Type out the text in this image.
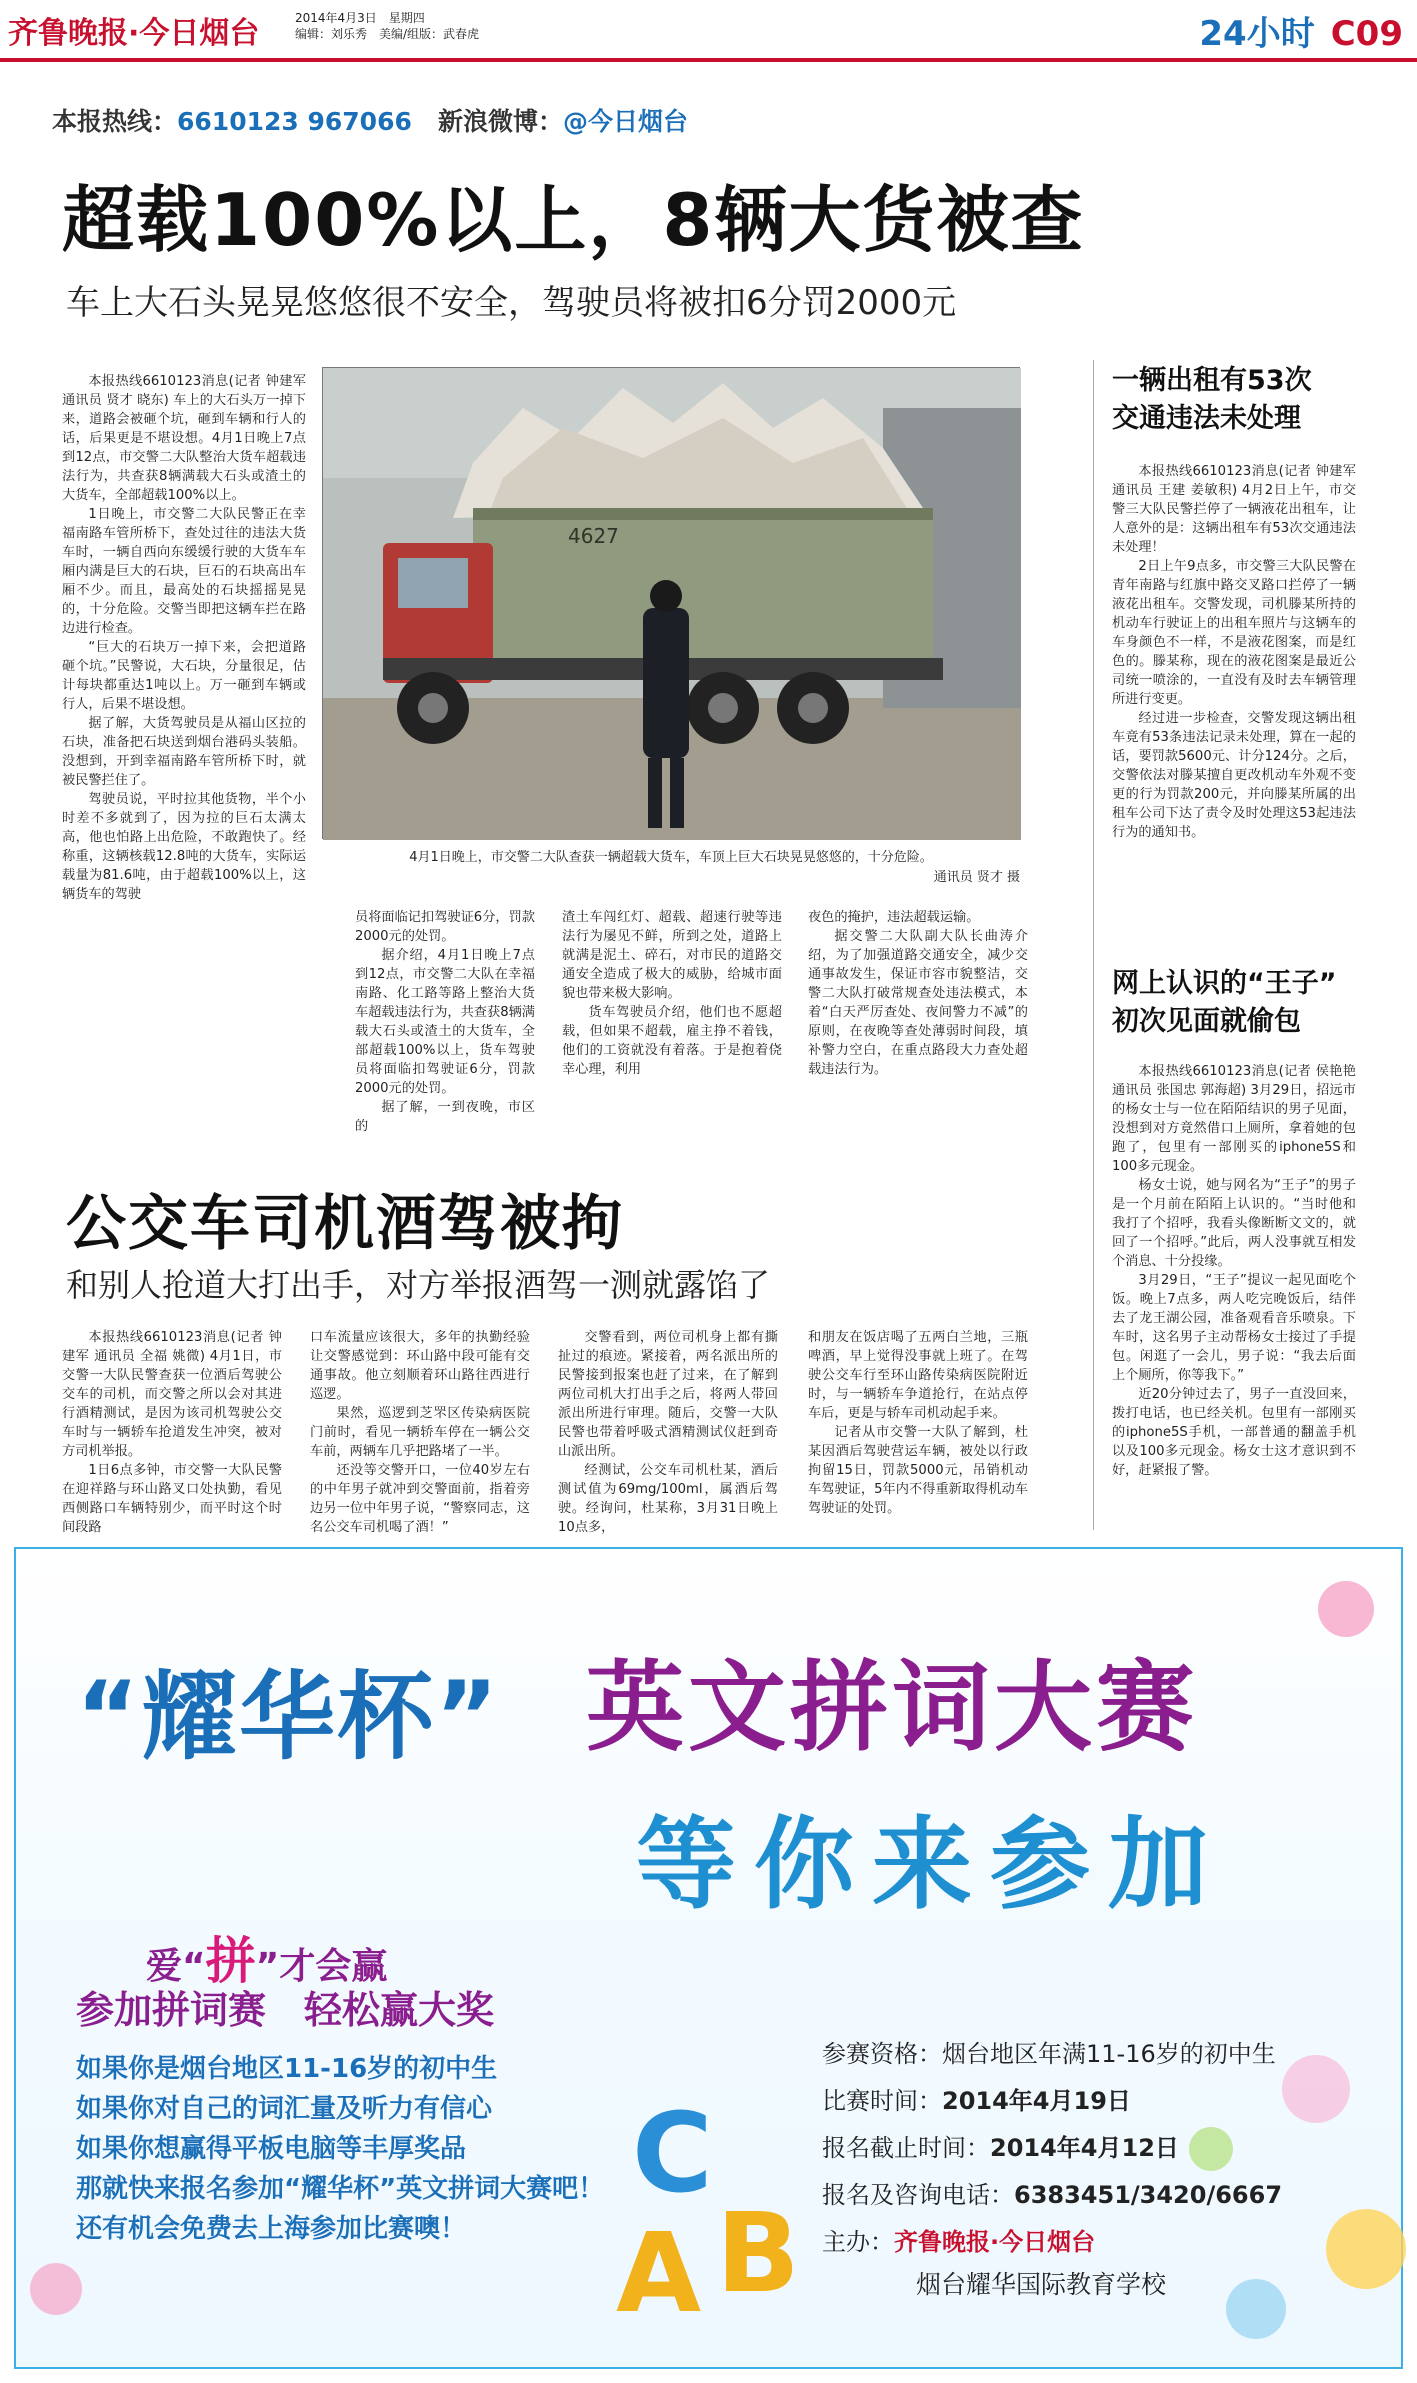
齐鲁晚报·今日烟台	2014年4月3日　星期四
编辑：刘乐秀　美编/组版：武春虎	24小时 C09
本报热线：6610123 967066 新浪微博：@今日烟台
超载100%以上，8辆大货被查
车上大石头晃晃悠悠很不安全，驾驶员将被扣6分罚2000元

本报热线6610123消息(记者 钟建军 通讯员 贤才 晓东) 车上的大石头万一掉下来，道路会被砸个坑，砸到车辆和行人的话，后果更是不堪设想。4月1日晚上7点到12点，市交警二大队整治大货车超载违法行为，共查获8辆满载大石头或渣土的大货车，全部超载100%以上。

1日晚上，市交警二大队民警正在幸福南路车管所桥下，查处过往的违法大货车时，一辆自西向东缓缓行驶的大货车车厢内满是巨大的石块，巨石的石块高出车厢不少。而且，最高处的石块摇摇晃晃的，十分危险。交警当即把这辆车拦在路边进行检查。

“巨大的石块万一掉下来，会把道路砸个坑。”民警说，大石块，分量很足，估计每块都重达1吨以上。万一砸到车辆或行人，后果不堪设想。

据了解，大货驾驶员是从福山区拉的石块，准备把石块送到烟台港码头装船。没想到，开到幸福南路车管所桥下时，就被民警拦住了。

驾驶员说，平时拉其他货物，半个小时差不多就到了，因为拉的巨石太满太高，他也怕路上出危险，不敢跑快了。经称重，这辆核载12.8吨的大货车，实际运载量为81.6吨，由于超载100%以上，这辆货车的驾驶

4627
4月1日晚上，市交警二大队查获一辆超载大货车，车顶上巨大石块晃晃悠悠的，十分危险。
通讯员 贤才 摄

员将面临记扣驾驶证6分，罚款2000元的处罚。

据介绍，4月1日晚上7点到12点，市交警二大队在幸福南路、化工路等路上整治大货车超载违法行为，共查获8辆满载大石头或渣土的大货车，全部超载100%以上，货车驾驶员将面临扣驾驶证6分，罚款2000元的处罚。

据了解，一到夜晚，市区的

渣土车闯红灯、超载、超速行驶等违法行为屡见不鲜，所到之处，道路上就满是泥土、碎石，对市民的道路交通安全造成了极大的威胁，给城市面貌也带来极大影响。

货车驾驶员介绍，他们也不愿超载，但如果不超载，雇主挣不着钱，他们的工资就没有着落。于是抱着侥幸心理，利用

夜色的掩护，违法超载运输。

据交警二大队副大队长曲涛介绍，为了加强道路交通安全，减少交通事故发生，保证市容市貌整洁，交警二大队打破常规查处违法模式，本着“白天严厉查处、夜间警力不减”的原则，在夜晚等查处薄弱时间段，填补警力空白，在重点路段大力查处超载违法行为。

一辆出租有53次
交通违法未处理

本报热线6610123消息(记者 钟建军 通讯员 王建 姜敏积) 4月2日上午，市交警三大队民警拦停了一辆液花出租车，让人意外的是：这辆出租车有53次交通违法未处理！

2日上午9点多，市交警三大队民警在青年南路与红旗中路交叉路口拦停了一辆液花出租车。交警发现，司机滕某所持的机动车行驶证上的出租车照片与这辆车的车身颜色不一样，不是液花图案，而是红色的。滕某称，现在的液花图案是最近公司统一喷涂的，一直没有及时去车辆管理所进行变更。

经过进一步检查，交警发现这辆出租车竟有53条违法记录未处理，算在一起的话，要罚款5600元、计分124分。之后，交警依法对滕某擅自更改机动车外观不变更的行为罚款200元，并向滕某所属的出租车公司下达了责令及时处理这53起违法行为的通知书。

网上认识的“王子”
初次见面就偷包

本报热线6610123消息(记者 侯艳艳 通讯员 张国忠 郭海超) 3月29日，招远市的杨女士与一位在陌陌结识的男子见面，没想到对方竟然借口上厕所，拿着她的包跑了，包里有一部刚买的iphone5S和100多元现金。

杨女士说，她与网名为“王子”的男子是一个月前在陌陌上认识的。“当时他和我打了个招呼，我看头像断断文文的，就回了一个招呼。”此后，两人没事就互相发个消息、十分投缘。

3月29日，“王子”提议一起见面吃个饭。晚上7点多，两人吃完晚饭后，结伴去了龙王湖公园，准备观看音乐喷泉。下车时，这名男子主动帮杨女士接过了手提包。闲逛了一会儿，男子说：“我去后面上个厕所，你等我下。”

近20分钟过去了，男子一直没回来，拨打电话，也已经关机。包里有一部刚买的iphone5S手机，一部普通的翻盖手机以及100多元现金。杨女士这才意识到不好，赶紧报了警。

公交车司机酒驾被拘
和别人抢道大打出手，对方举报酒驾一测就露馅了

本报热线6610123消息(记者 钟建军 通讯员 全福 姚微) 4月1日，市交警一大队民警查获一位酒后驾驶公交车的司机，而交警之所以会对其进行酒精测试，是因为该司机驾驶公交车时与一辆轿车抢道发生冲突，被对方司机举报。

1日6点多钟，市交警一大队民警在迎祥路与环山路叉口处执勤，看见西侧路口车辆特别少，而平时这个时间段路

口车流量应该很大，多年的执勤经验让交警感觉到：环山路中段可能有交通事故。他立刻顺着环山路往西进行巡逻。

果然，巡逻到芝罘区传染病医院门前时，看见一辆轿车停在一辆公交车前，两辆车几乎把路堵了一半。

还没等交警开口，一位40岁左右的中年男子就冲到交警面前，指着旁边另一位中年男子说，“警察同志，这名公交车司机喝了酒！”

交警看到，两位司机身上都有撕扯过的痕迹。紧接着，两名派出所的民警接到报案也赶了过来，在了解到两位司机大打出手之后，将两人带回派出所进行审理。随后，交警一大队民警也带着呼吸式酒精测试仪赶到奇山派出所。

经测试，公交车司机杜某，酒后测试值为69mg/100ml，属酒后驾驶。经询问，杜某称，3月31日晚上10点多，

和朋友在饭店喝了五两白兰地，三瓶啤酒，早上觉得没事就上班了。在驾驶公交车行至环山路传染病医院附近时，与一辆轿车争道抢行，在站点停车后，更是与轿车司机动起手来。

记者从市交警一大队了解到，杜某因酒后驾驶营运车辆，被处以行政拘留15日，罚款5000元，吊销机动车驾驶证，5年内不得重新取得机动车驾驶证的处罚。

“耀华杯” 英文拼词大赛
等你来参加
爱“拼”才会赢
参加拼词赛　轻松赢大奖
如果你是烟台地区11-16岁的初中生
如果你对自己的词汇量及听力有信心
如果你想赢得平板电脑等丰厚奖品
那就快来报名参加“耀华杯”英文拼词大赛吧！
还有机会免费去上海参加比赛噢！
C
A B
参赛资格：烟台地区年满11-16岁的初中生
比赛时间：2014年4月19日
报名截止时间：2014年4月12日
报名及咨询电话：6383451/3420/6667
主办：齐鲁晚报·今日烟台
烟台耀华国际教育学校
